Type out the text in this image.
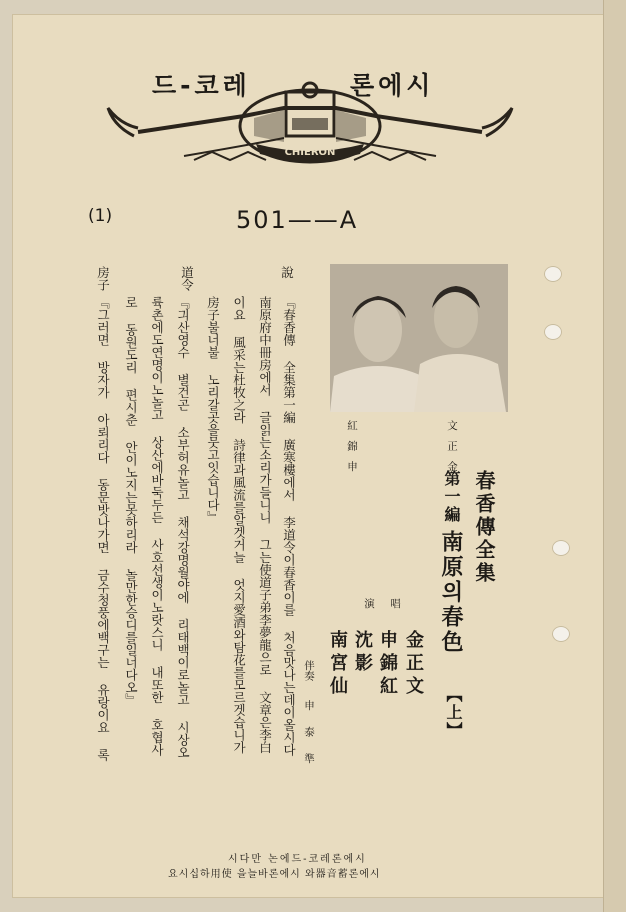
드-코레	론에시
CHIERON
(1)	501——A
文正金
紅錦申
春香傳全集
第一編
南原의春色
【上】
唱
演
金正文
申錦紅
沈影
南宮仙
伴奏
申泰準
說
『春香傳 全集第一編 廣寒樓에서 李道令이春香이를 처음맛나는데이올시다
南原府中冊房에서 글읽는소리가들니니 그는使道子弟李夢龍으로 文章은李白
이요 風采는杜牧之라 詩律과風流를알겟거늘 엇지愛酒와탐花를모르겟습니가
房子불너불 노리갈곳을뭇고잇습니다』
道令
『긔산영수 별건곤 소부허유놀고 채석강명월야에 리태백이로놀고 시상오
륙촌에도연명이노놀고 상산에바둑두든 사호선생이노랏스니 내또한 호협사
로 동원도리 편시춘 안이노지는못하리라 놀만한승디를일너다오』
房子
『그러면 방자가 아뢰리다 동문밧나가면 금수청풍에백구는 유랑이요 록
시다만 논에드-코레론에시
요시십하用使 을늘바론에시 와器音蓄론에시
